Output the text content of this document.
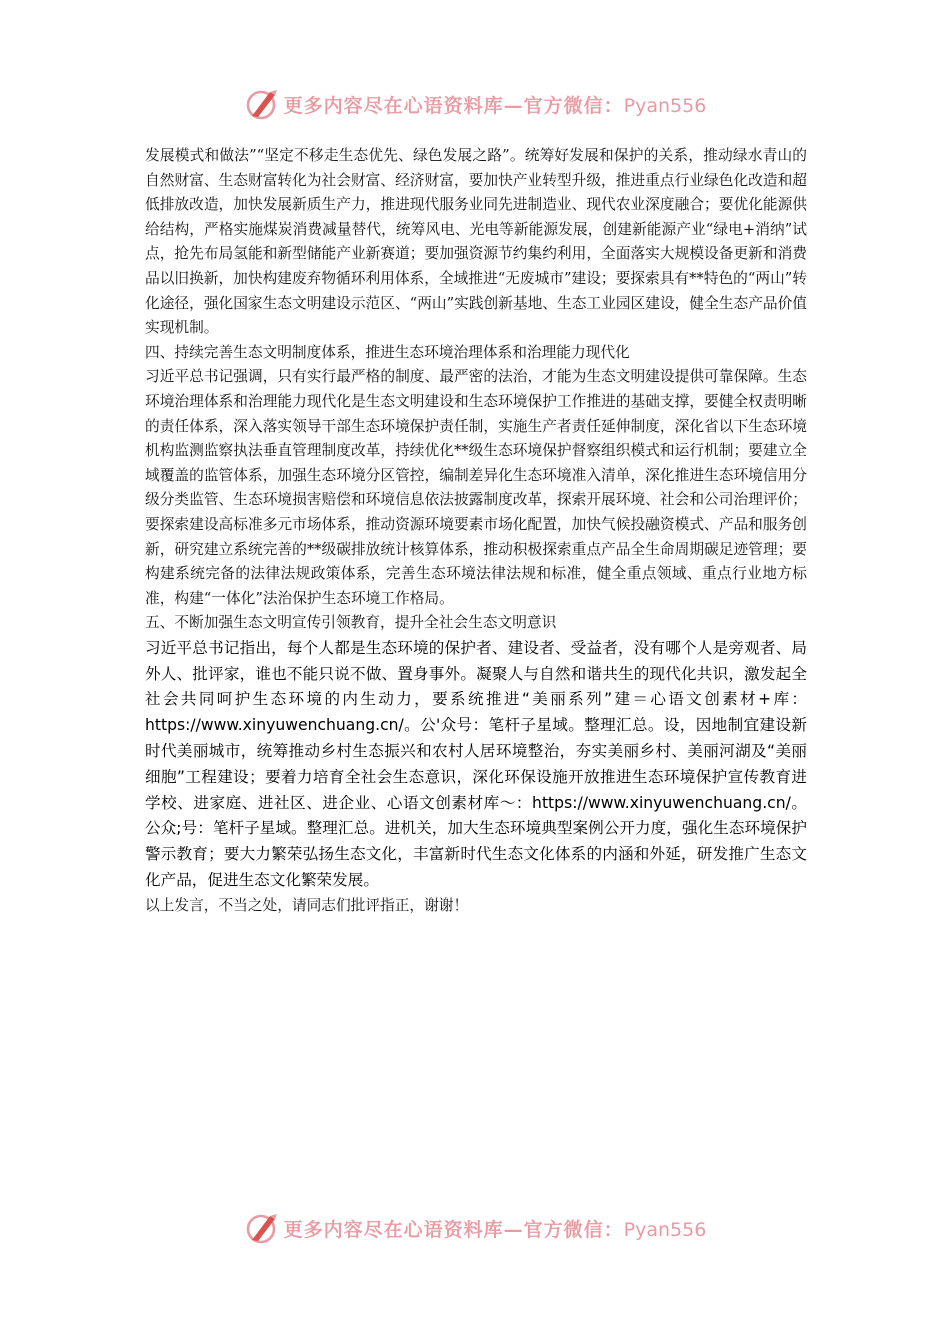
更多内容尽在心语资料库—官方微信：Pyan556

发展模式和做法”“坚定不移走生态优先、绿色发展之路”。统筹好发展和保护的关系，推动绿水青山的自然财富、生态财富转化为社会财富、经济财富，要加快产业转型升级，推进重点行业绿色化改造和超低排放改造，加快发展新质生产力，推进现代服务业同先进制造业、现代农业深度融合；要优化能源供给结构，严格实施煤炭消费减量替代，统筹风电、光电等新能源发展，创建新能源产业“绿电+消纳”试点，抢先布局氢能和新型储能产业新赛道；要加强资源节约集约利用，全面落实大规模设备更新和消费品以旧换新，加快构建废弃物循环利用体系，全域推进“无废城市”建设；要探索具有**特色的“两山”转化途径，强化国家生态文明建设示范区、“两山”实践创新基地、生态工业园区建设，健全生态产品价值实现机制。

四、持续完善生态文明制度体系，推进生态环境治理体系和治理能力现代化

习近平总书记强调，只有实行最严格的制度、最严密的法治，才能为生态文明建设提供可靠保障。生态环境治理体系和治理能力现代化是生态文明建设和生态环境保护工作推进的基础支撑，要健全权责明晰的责任体系，深入落实领导干部生态环境保护责任制，实施生产者责任延伸制度，深化省以下生态环境机构监测监察执法垂直管理制度改革，持续优化**级生态环境保护督察组织模式和运行机制；要建立全域覆盖的监管体系，加强生态环境分区管控，编制差异化生态环境准入清单，深化推进生态环境信用分级分类监管、生态环境损害赔偿和环境信息依法披露制度改革，探索开展环境、社会和公司治理评价；要探索建设高标准多元市场体系，推动资源环境要素市场化配置，加快气候投融资模式、产品和服务创新，研究建立系统完善的**级碳排放统计核算体系，推动积极探索重点产品全生命周期碳足迹管理；要构建系统完备的法律法规政策体系，完善生态环境法律法规和标准，健全重点领域、重点行业地方标准，构建“一体化”法治保护生态环境工作格局。

五、不断加强生态文明宣传引领教育，提升全社会生态文明意识

习近平总书记指出，每个人都是生态环境的保护者、建设者、受益者，没有哪个人是旁观者、局外人、批评家，谁也不能只说不做、置身事外。凝聚人与自然和谐共生的现代化共识，激发起全社会共同呵护生态环境的内生动力，要系统推进“美丽系列”建＝心语文创素材+库：https://www.xinyuwenchuang.cn/。公'众号：笔杆子星域。整理汇总。设，因地制宜建设新时代美丽城市，统筹推动乡村生态振兴和农村人居环境整治，夯实美丽乡村、美丽河湖及“美丽细胞”工程建设；要着力培育全社会生态意识，深化环保设施开放推进生态环境保护宣传教育进学校、进家庭、进社区、进企业、心语文创素材库～：https://www.xinyuwenchuang.cn/。公众;号：笔杆子星域。整理汇总。进机关，加大生态环境典型案例公开力度，强化生态环境保护警示教育；要大力繁荣弘扬生态文化，丰富新时代生态文化体系的内涵和外延，研发推广生态文化产品，促进生态文化繁荣发展。

以上发言，不当之处，请同志们批评指正，谢谢！

更多内容尽在心语资料库—官方微信：Pyan556
